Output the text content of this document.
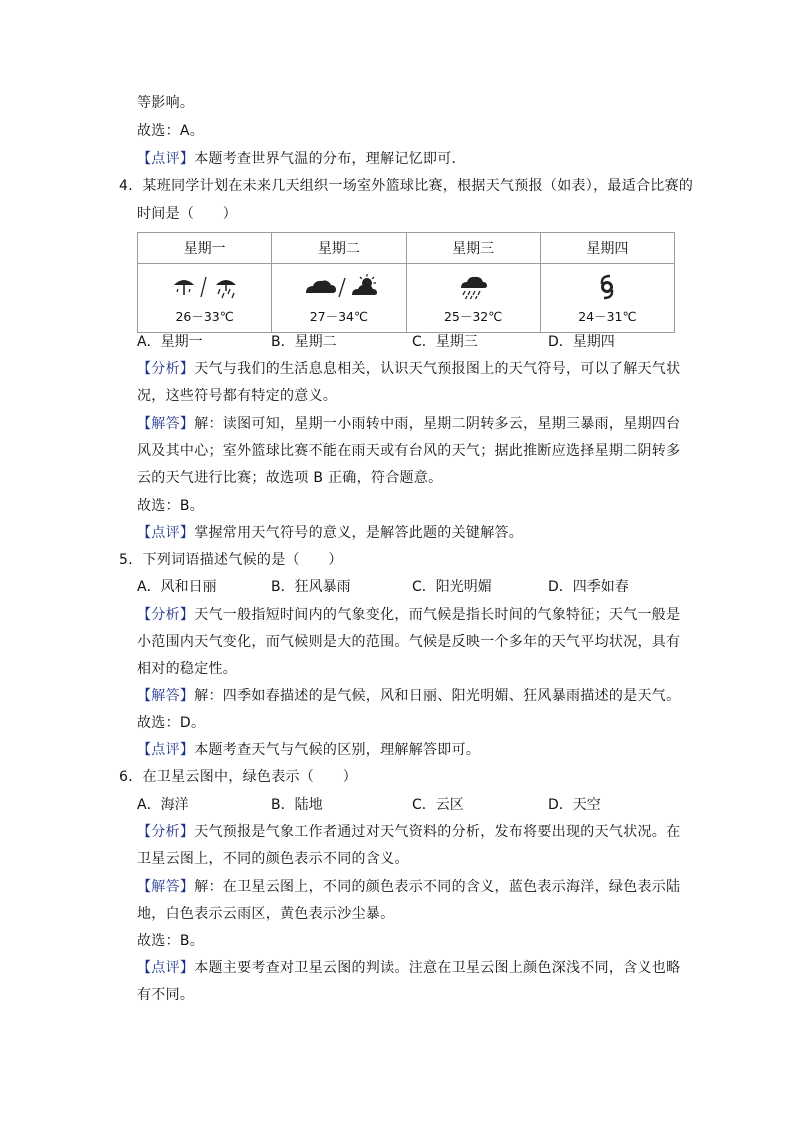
等影响。
故选：A。
【点评】本题考查世界气温的分布，理解记忆即可．
4．某班同学计划在未来几天组织一场室外篮球比赛，根据天气预报（如表），最适合比赛的
时间是（　　）
星期一	星期二	星期三	星期四

26－33℃	27－34℃	25－32℃	24－31℃
A．星期一	B．星期二	C．星期三	D．星期四
【分析】天气与我们的生活息息相关，认识天气预报图上的天气符号，可以了解天气状
况，这些符号都有特定的意义。
【解答】解：读图可知，星期一小雨转中雨，星期二阴转多云，星期三暴雨，星期四台
风及其中心；室外篮球比赛不能在雨天或有台风的天气；据此推断应选择星期二阴转多
云的天气进行比赛；故选项 B 正确，符合题意。
故选：B。
【点评】掌握常用天气符号的意义，是解答此题的关键解答。
5．下列词语描述气候的是（　　）
A．风和日丽	B．狂风暴雨	C．阳光明媚	D．四季如春
【分析】天气一般指短时间内的气象变化，而气候是指长时间的气象特征；天气一般是
小范围内天气变化，而气候则是大的范围。气候是反映一个多年的天气平均状况，具有
相对的稳定性。
【解答】解：四季如春描述的是气候，风和日丽、阳光明媚、狂风暴雨描述的是天气。
故选：D。
【点评】本题考查天气与气候的区别，理解解答即可。
6．在卫星云图中，绿色表示（　　）
A．海洋	B．陆地	C．云区	D．天空
【分析】天气预报是气象工作者通过对天气资料的分析，发布将要出现的天气状况。在
卫星云图上，不同的颜色表示不同的含义。
【解答】解：在卫星云图上，不同的颜色表示不同的含义，蓝色表示海洋，绿色表示陆
地，白色表示云雨区，黄色表示沙尘暴。
故选：B。
【点评】本题主要考查对卫星云图的判读。注意在卫星云图上颜色深浅不同，含义也略
有不同。
